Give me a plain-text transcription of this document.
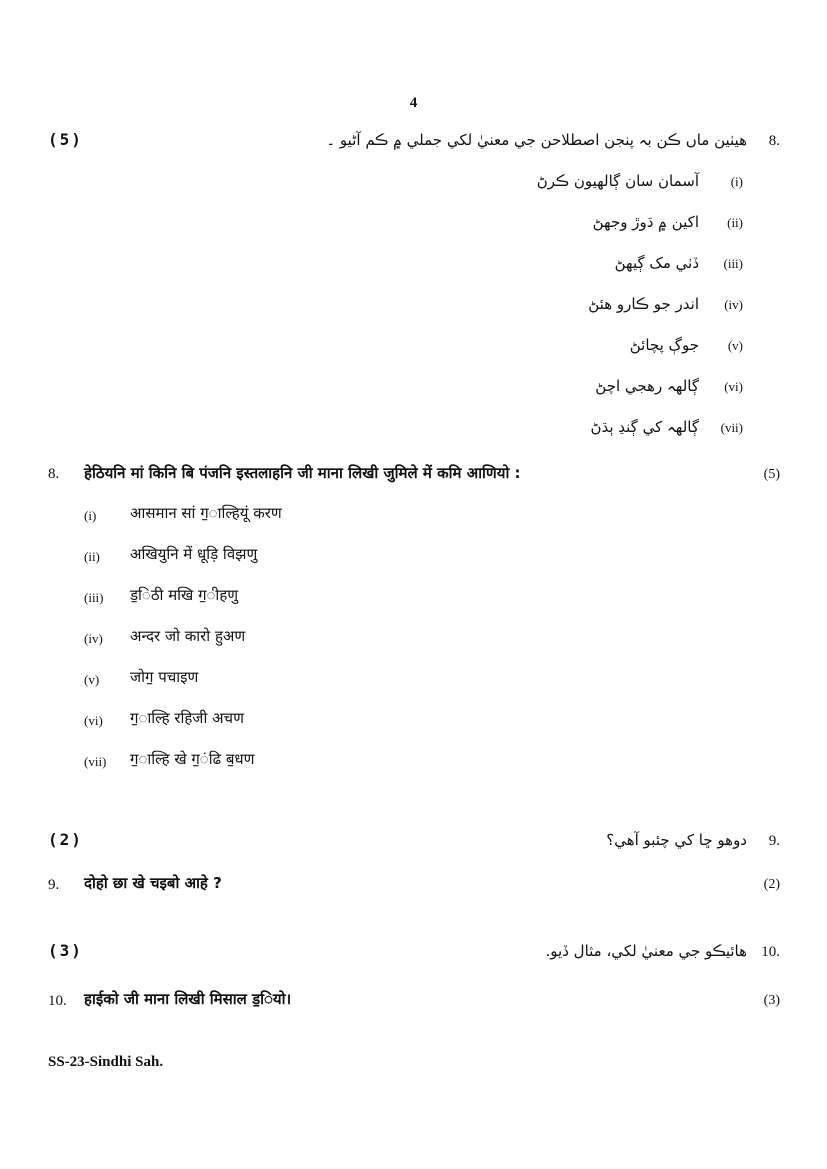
4
(5)	هيٺين ماں ڪن بہ پنجن اصطلاحن جي معنيٰ لکي جملي ۾ ڪم آڻيو ۔ 8.
(i)
آسمان سان ڳالهيون ڪرڻ
(ii)
اکين ۾ ڌوڙ وجهڻ
(iii)
ڏٺي مک ڳيهڻ
(iv)
اندر جو ڪارو هئڻ
(v)
جوڳ پچائڻ
(vi)
ڳالهہ رهجي اچڻ
(vii)
ڳالهہ کي ڳنڍ ٻڌڻ
8. हेठियनि मां किनि बि पंजनि इस्तलाहनि जी माना लिखी जुमिले में कमि आणियो :	(5)
(i) आसमान सां ग॒ाल्हियूं करण
(ii) अखियुनि में धूड़ि विझणु
(iii) ड॒िठी मखि ग॒ीहणु
(iv) अन्दर जो कारो हुअण
(v) जोग॒ पचाइण
(vi) ग॒ाल्हि रहिजी अचण
(vii) ग॒ाल्हि खे ग॒ंढि ब॒धण
(2)	دوهو ڇا کي چئبو آهي؟ 9.
9. दोहो छा खे चइबो आहे ?	(2)
(3)	هائيڪو جي معنيٰ لکي، مثال ڏيو. 10.
10. हाईको जी माना लिखी मिसाल ड॒ियो।	(3)
SS-23-Sindhi Sah.
